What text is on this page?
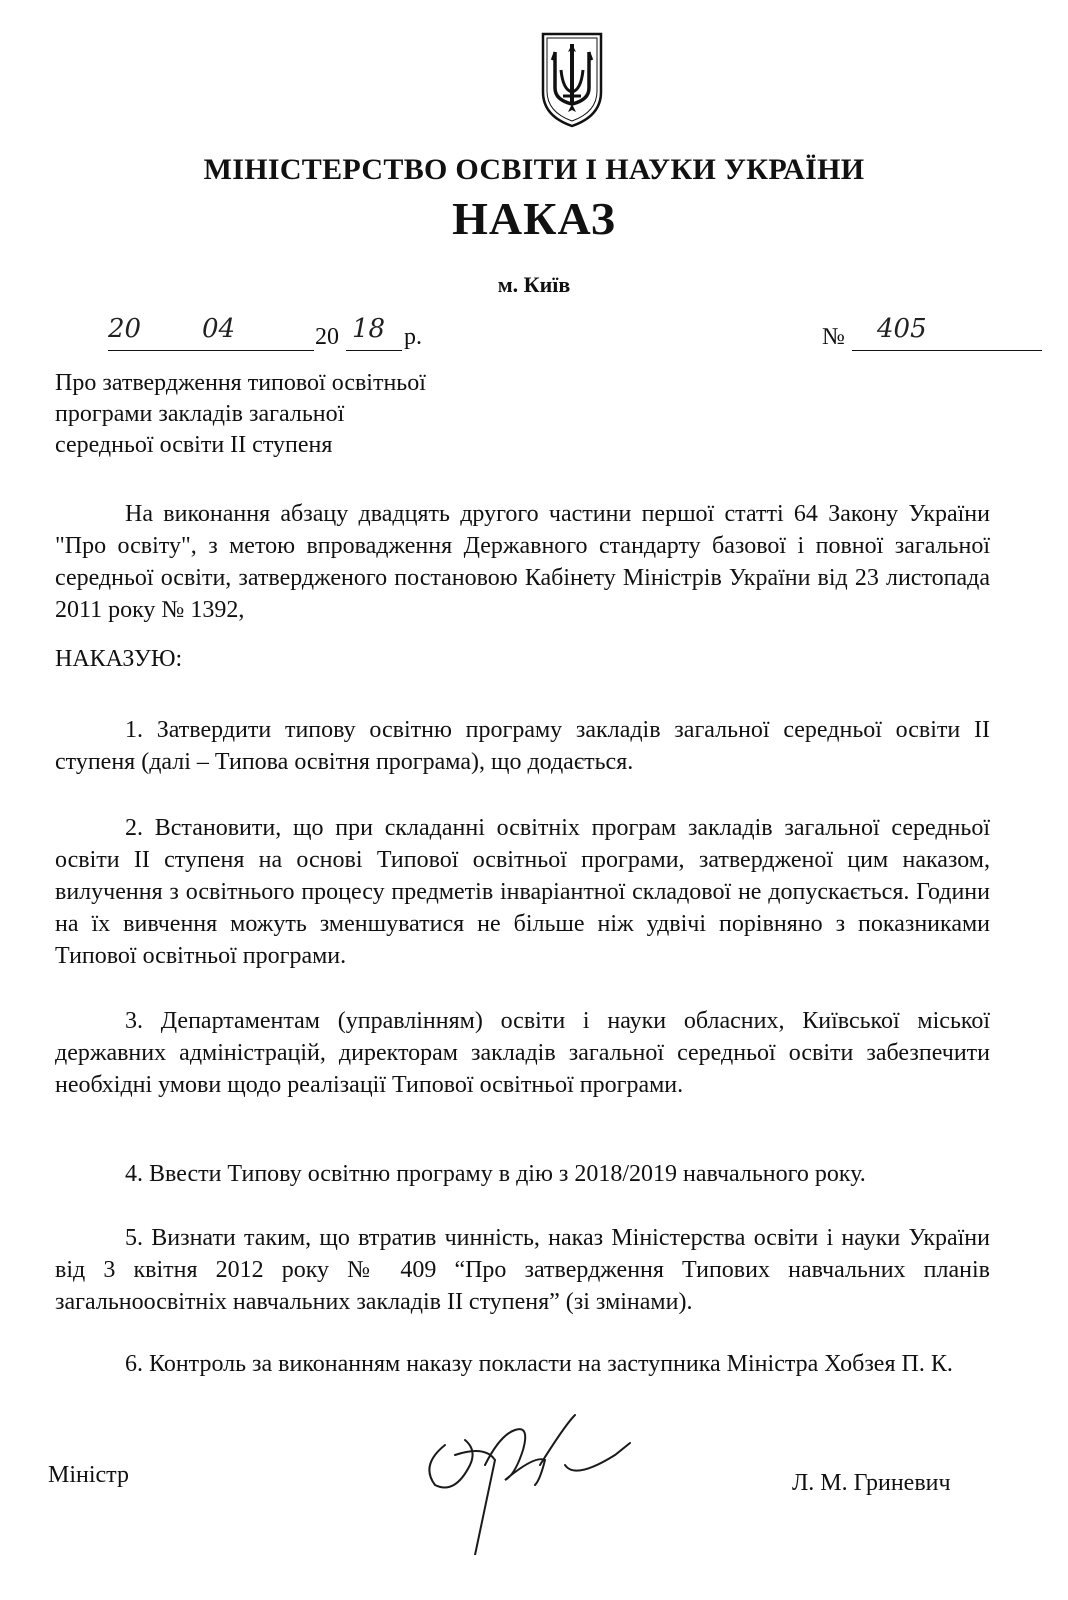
МІНІСТЕРСТВО ОСВІТИ І НАУКИ УКРАЇНИ
НАКАЗ
м. Київ
20 04	20 18 р.	№ 405
Про затвердження типової освітньої
програми закладів загальної
середньої освіти II ступеня
На виконання абзацу двадцять другого частини першої статті 64 Закону України "Про освіту", з метою впровадження Державного стандарту базової і повної загальної середньої освіти, затвердженого постановою Кабінету Міністрів України від 23 листопада 2011 року № 1392,
НАКАЗУЮ:
1. Затвердити типову освітню програму закладів загальної середньої освіти II ступеня (далі – Типова освітня програма), що додається.
2. Встановити, що при складанні освітніх програм закладів загальної середньої освіти II ступеня на основі Типової освітньої програми, затвердженої цим наказом, вилучення з освітнього процесу предметів інваріантної складової не допускається. Години на їх вивчення можуть зменшуватися не більше ніж удвічі порівняно з показниками Типової освітньої програми.
3. Департаментам (управлінням) освіти і науки обласних, Київської міської державних адміністрацій, директорам закладів загальної середньої освіти забезпечити необхідні умови щодо реалізації Типової освітньої програми.
4. Ввести Типову освітню програму в дію з 2018/2019 навчального року.
5. Визнати таким, що втратив чинність, наказ Міністерства освіти і науки України від 3 квітня 2012 року № 409 “Про затвердження Типових навчальних планів загальноосвітніх навчальних закладів II ступеня” (зі змінами).
6. Контроль за виконанням наказу покласти на заступника Міністра Хобзея П. К.
Міністр	Л. М. Гриневич
